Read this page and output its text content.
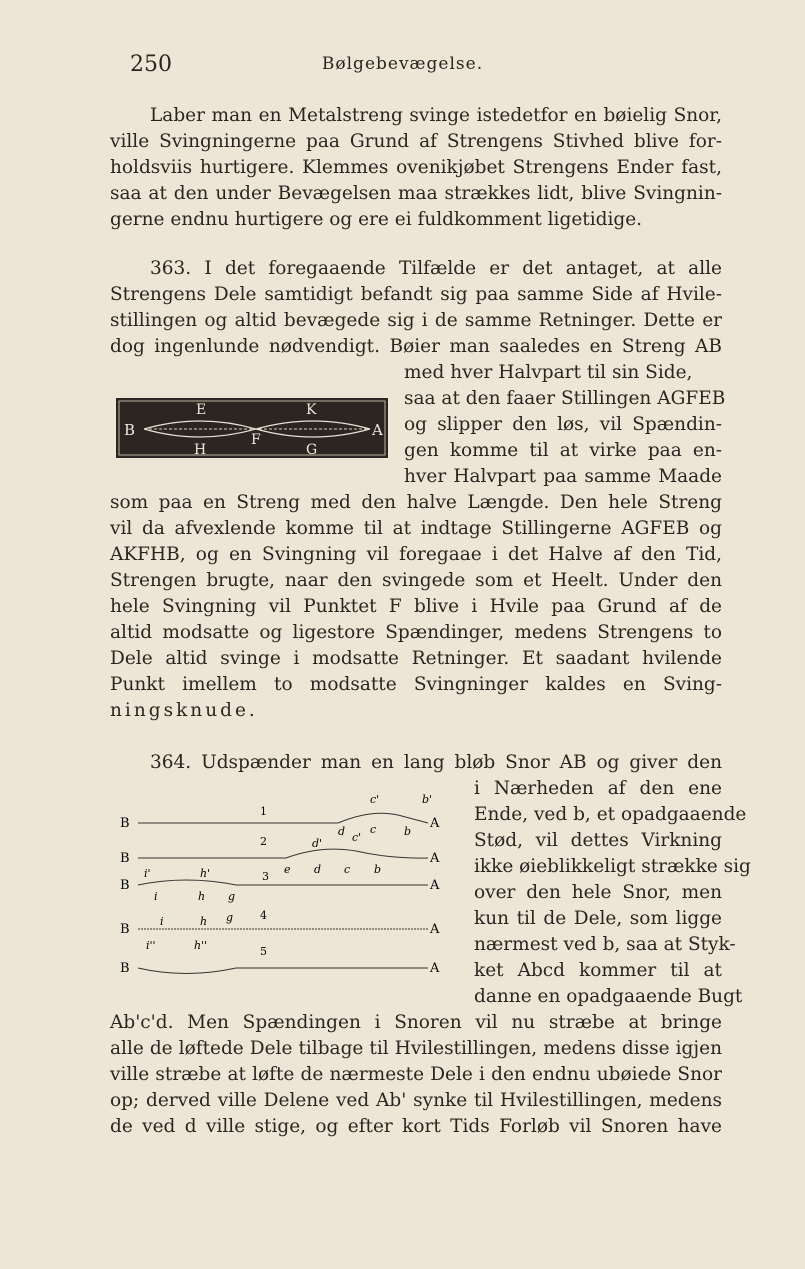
250	Bølgebevægelse.
Laber man en Metalstreng svinge istedetfor en bøielig Snor,
ville Svingningerne paa Grund af Strengens Stivhed blive for-
holdsviis hurtigere. Klemmes ovenikjøbet Strengens Ender fast,
saa at den under Bevægelsen maa strækkes lidt, blive Svingnin-
gerne endnu hurtigere og ere ei fuldkomment ligetidige.
363. I det foregaaende Tilfælde er det antaget, at alle
Strengens Dele samtidigt befandt sig paa samme Side af Hvile-
stillingen og altid bevægede sig i de samme Retninger. Dette er
dog ingenlunde nødvendigt. Bøier man saaledes en Streng AB
med hver Halvpart til sin Side,
saa at den faaer Stillingen AGFEB
og slipper den løs, vil Spændin-
gen komme til at virke paa en-
hver Halvpart paa samme Maade
som paa en Streng med den halve Længde. Den hele Streng
vil da afvexlende komme til at indtage Stillingerne AGFEB og
AKFHB, og en Svingning vil foregaae i det Halve af den Tid,
Strengen brugte, naar den svingede som et Heelt. Under den
hele Svingning vil Punktet F blive i Hvile paa Grund af de
altid modsatte og ligestore Spændinger, medens Strengens to
Dele altid svinge i modsatte Retninger. Et saadant hvilende
Punkt imellem to modsatte Svingninger kaldes en Sving-
ningsknude.
364. Udspænder man en lang bløb Snor AB og giver den
i Nærheden af den ene
Ende, ved b, et opadgaaende
Stød, vil dettes Virkning
ikke øieblikkeligt strække sig
over den hele Snor, men
kun til de Dele, som ligge
nærmest ved b, saa at Styk-
ket Abcd kommer til at
danne en opadgaaende Bugt
Ab'c'd. Men Spændingen i Snoren vil nu stræbe at bringe
alle de løftede Dele tilbage til Hvilestillingen, medens disse igjen
ville stræbe at løfte de nærmeste Dele i den endnu ubøiede Snor
op; derved ville Delene ved Ab' synke til Hvilestillingen, medens
de ved d ville stige, og efter kort Tids Forløb vil Snoren have
B
E	K
A
F
H	G
B	A
1
c'	b'
B	A
2	d'
d c'
c	b
B	A
3
i'	h'	e d c b
B	A
4
i	h g
B	A
5
i	h g
i''	h''
